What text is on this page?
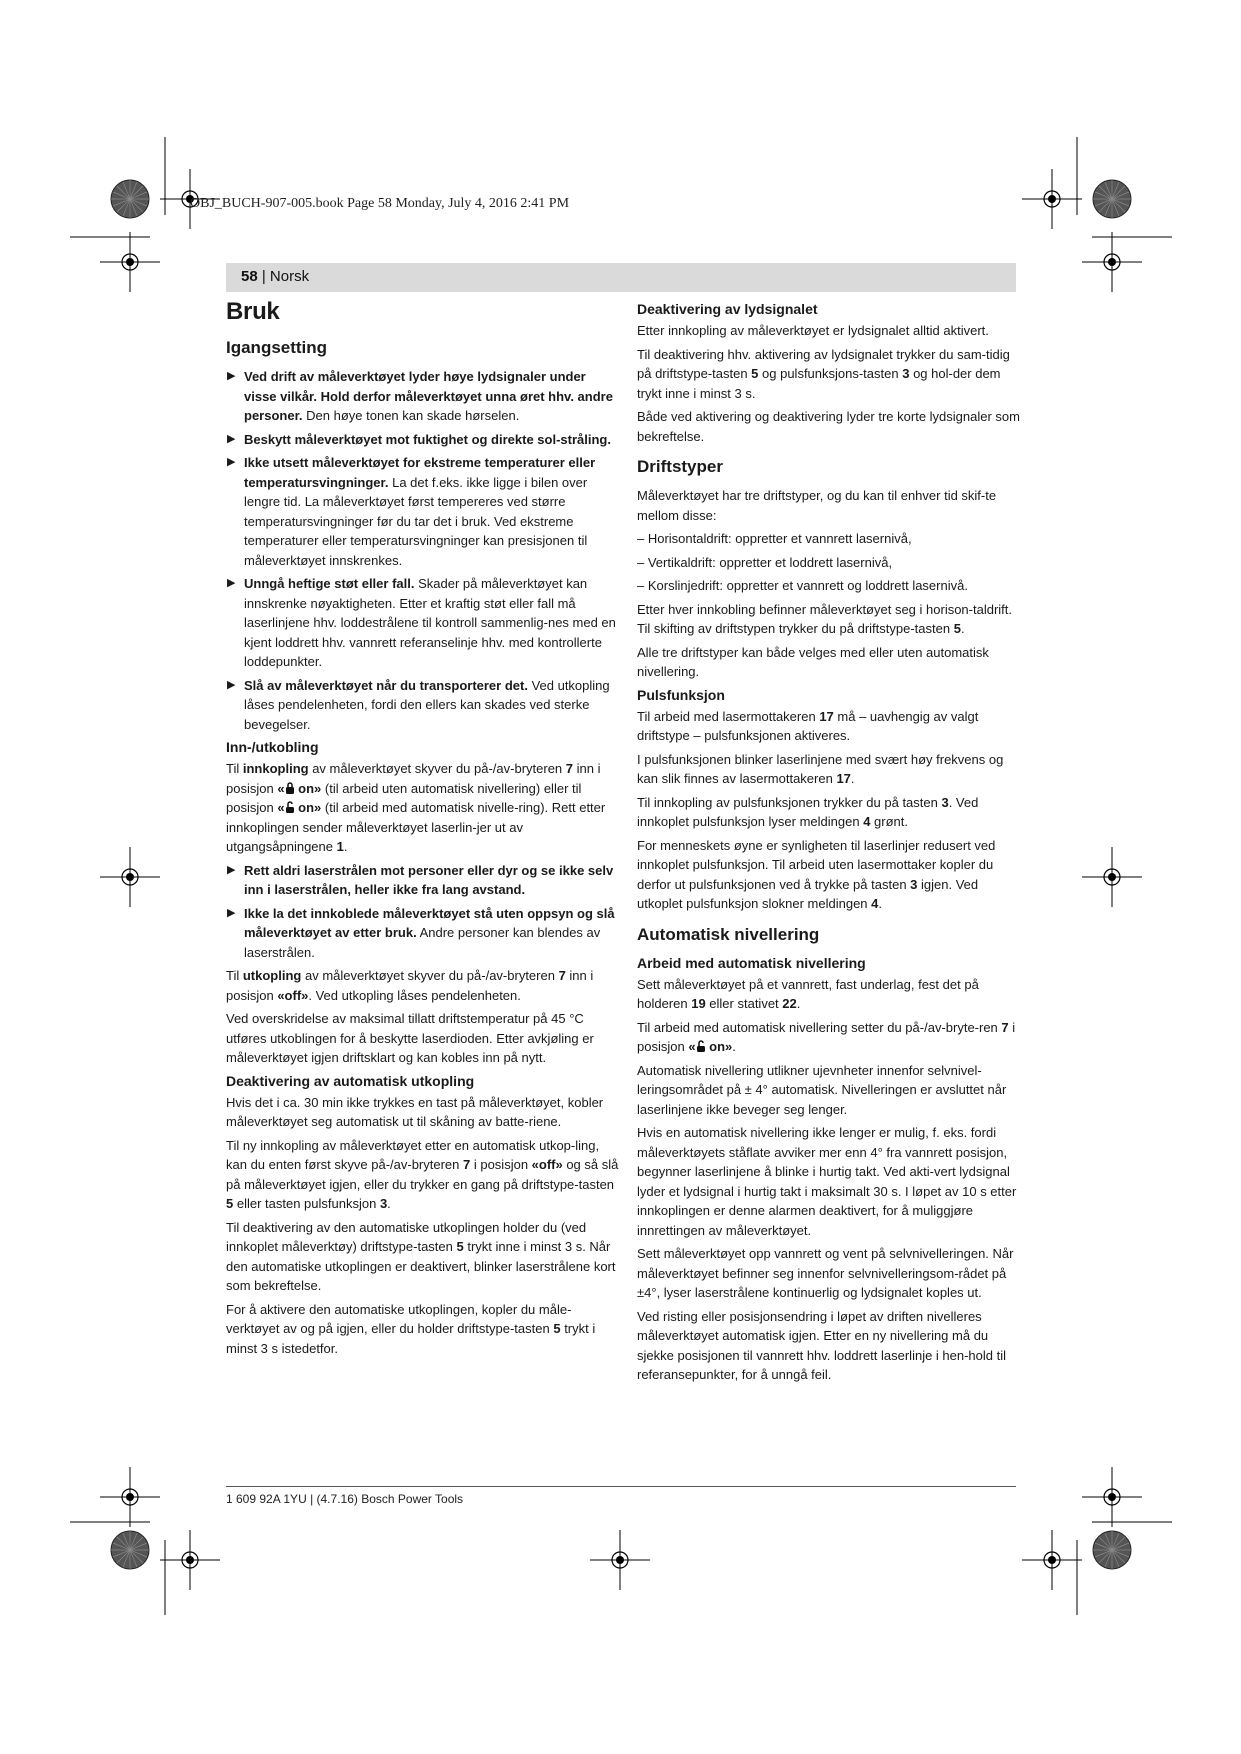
OBJ_BUCH-907-005.book Page 58 Monday, July 4, 2016 2:41 PM
58 | Norsk
Bruk
Igangsetting

▶ Ved drift av måleverktøyet lyder høye lydsignaler under visse vilkår. Hold derfor måleverktøyet unna øret hhv. andre personer. Den høye tonen kan skade hørselen.

▶ Beskytt måleverktøyet mot fuktighet og direkte sol-stråling.

▶ Ikke utsett måleverktøyet for ekstreme temperaturer eller temperatursvingninger. La det f.eks. ikke ligge i bilen over lengre tid. La måleverktøyet først tempereres ved større temperatursvingninger før du tar det i bruk. Ved ekstreme temperaturer eller temperatursvingninger kan presisjonen til måleverktøyet innskrenkes.

▶ Unngå heftige støt eller fall. Skader på måleverktøyet kan innskrenke nøyaktigheten. Etter et kraftig støt eller fall må laserlinjene hhv. loddestrålene til kontroll sammenlig-nes med en kjent loddrett hhv. vannrett referanselinje hhv. med kontrollerte loddepunkter.

▶ Slå av måleverktøyet når du transporterer det. Ved utkopling låses pendelenheten, fordi den ellers kan skades ved sterke bevegelser.

Inn-/utkobling

Til innkopling av måleverktøyet skyver du på-/av-bryteren 7 inn i posisjon « on» (til arbeid uten automatisk nivellering) eller til posisjon « on» (til arbeid med automatisk nivelle-ring). Rett etter innkoplingen sender måleverktøyet laserlin-jer ut av utgangsåpningene 1.

▶ Rett aldri laserstrålen mot personer eller dyr og se ikke selv inn i laserstrålen, heller ikke fra lang avstand.

▶ Ikke la det innkoblede måleverktøyet stå uten oppsyn og slå måleverktøyet av etter bruk. Andre personer kan blendes av laserstrålen.

Til utkopling av måleverktøyet skyver du på-/av-bryteren 7 inn i posisjon «off». Ved utkopling låses pendelenheten.

Ved overskridelse av maksimal tillatt driftstemperatur på 45 °C utføres utkoblingen for å beskytte laserdioden. Etter avkjøling er måleverktøyet igjen driftsklart og kan kobles inn på nytt.

Deaktivering av automatisk utkopling

Hvis det i ca. 30 min ikke trykkes en tast på måleverktøyet, kobler måleverktøyet seg automatisk ut til skåning av batte-riene.

Til ny innkopling av måleverktøyet etter en automatisk utkop-ling, kan du enten først skyve på-/av-bryteren 7 i posisjon «off» og så slå på måleverktøyet igjen, eller du trykker en gang på driftstype-tasten 5 eller tasten pulsfunksjon 3.

Til deaktivering av den automatiske utkoplingen holder du (ved innkoplet måleverktøy) driftstype-tasten 5 trykt inne i minst 3 s. Når den automatiske utkoplingen er deaktivert, blinker laserstrålene kort som bekreftelse.

For å aktivere den automatiske utkoplingen, kopler du måle-verktøyet av og på igjen, eller du holder driftstype-tasten 5 trykt i minst 3 s istedetfor.

Deaktivering av lydsignalet

Etter innkopling av måleverktøyet er lydsignalet alltid aktivert.

Til deaktivering hhv. aktivering av lydsignalet trykker du sam-tidig på driftstype-tasten 5 og pulsfunksjons-tasten 3 og hol-der dem trykt inne i minst 3 s.

Både ved aktivering og deaktivering lyder tre korte lydsignaler som bekreftelse.

Driftstyper

Måleverktøyet har tre driftstyper, og du kan til enhver tid skif-te mellom disse:

– Horisontaldrift: oppretter et vannrett lasernivå,

– Vertikaldrift: oppretter et loddrett lasernivå,

– Korslinjedrift: oppretter et vannrett og loddrett lasernivå.

Etter hver innkobling befinner måleverktøyet seg i horison-taldrift. Til skifting av driftstypen trykker du på driftstype-tasten 5.

Alle tre driftstyper kan både velges med eller uten automatisk nivellering.

Pulsfunksjon

Til arbeid med lasermottakeren 17 må – uavhengig av valgt driftstype – pulsfunksjonen aktiveres.

I pulsfunksjonen blinker laserlinjene med svært høy frekvens og kan slik finnes av lasermottakeren 17.

Til innkopling av pulsfunksjonen trykker du på tasten 3. Ved innkoplet pulsfunksjon lyser meldingen 4 grønt.

For menneskets øyne er synligheten til laserlinjer redusert ved innkoplet pulsfunksjon. Til arbeid uten lasermottaker kopler du derfor ut pulsfunksjonen ved å trykke på tasten 3 igjen. Ved utkoplet pulsfunksjon slokner meldingen 4.

Automatisk nivellering
Arbeid med automatisk nivellering

Sett måleverktøyet på et vannrett, fast underlag, fest det på holderen 19 eller stativet 22.

Til arbeid med automatisk nivellering setter du på-/av-bryte-ren 7 i posisjon « on».

Automatisk nivellering utlikner ujevnheter innenfor selvnivel-leringsområdet på ± 4° automatisk. Nivelleringen er avsluttet når laserlinjene ikke beveger seg lenger.

Hvis en automatisk nivellering ikke lenger er mulig, f. eks. fordi måleverktøyets ståflate avviker mer enn 4° fra vannrett posisjon, begynner laserlinjene å blinke i hurtig takt. Ved akti-vert lydsignal lyder et lydsignal i hurtig takt i maksimalt 30 s. I løpet av 10 s etter innkoplingen er denne alarmen deaktivert, for å muliggjøre innrettingen av måleverktøyet.

Sett måleverktøyet opp vannrett og vent på selvnivelleringen. Når måleverktøyet befinner seg innenfor selvnivelleringsom-rådet på ±4°, lyser laserstrålene kontinuerlig og lydsignalet koples ut.

Ved risting eller posisjonsendring i løpet av driften nivelleres måleverktøyet automatisk igjen. Etter en ny nivellering må du sjekke posisjonen til vannrett hhv. loddrett laserlinje i hen-hold til referansepunkter, for å unngå feil.

1 609 92A 1YU | (4.7.16) Bosch Power Tools
